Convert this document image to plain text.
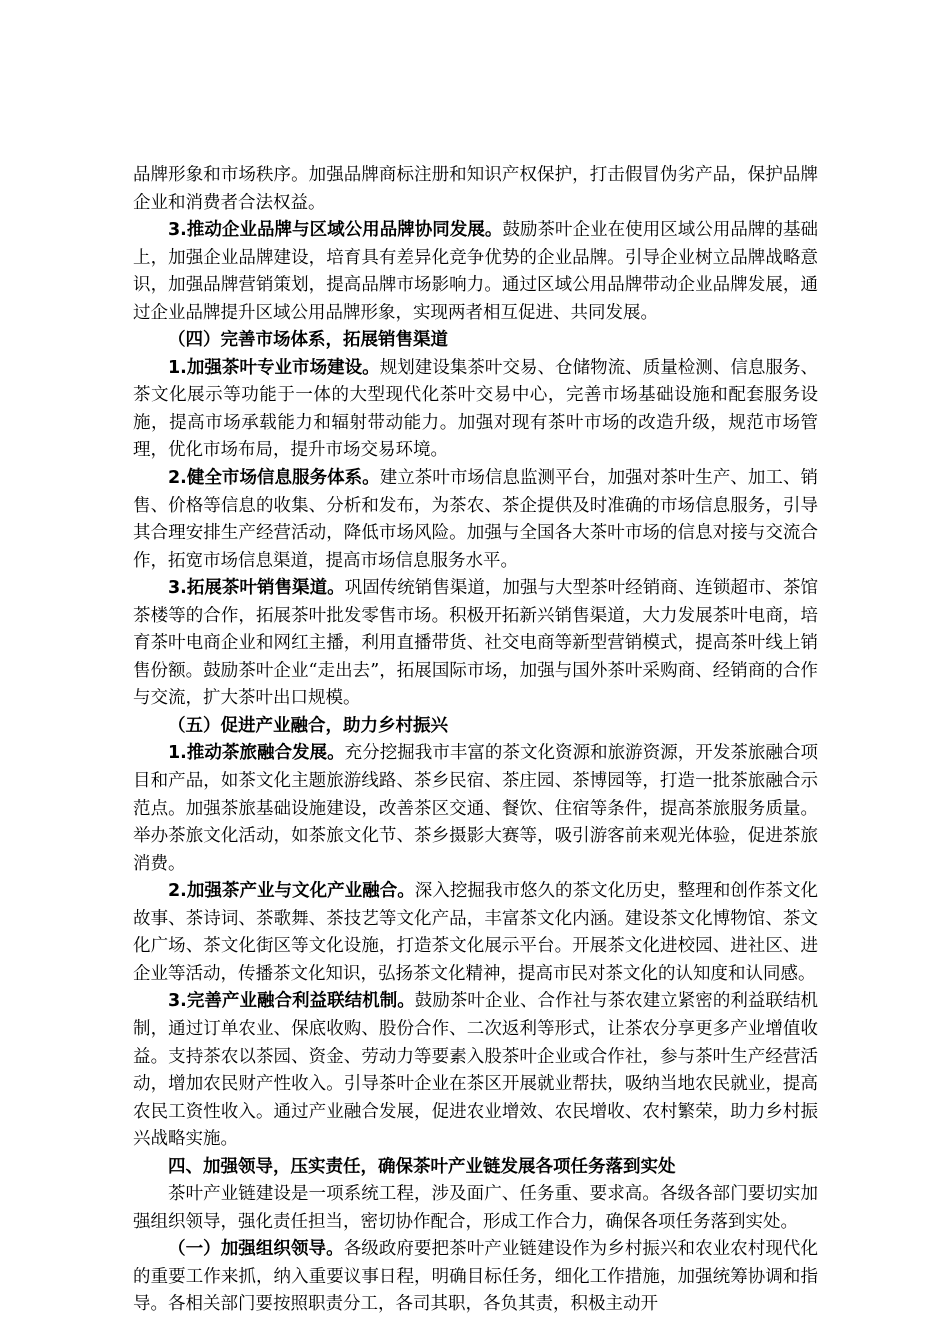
品牌形象和市场秩序。加强品牌商标注册和知识产权保护，打击假冒伪劣产品，保护品牌企业和消费者合法权益。

3.推动企业品牌与区域公用品牌协同发展。鼓励茶叶企业在使用区域公用品牌的基础上，加强企业品牌建设，培育具有差异化竞争优势的企业品牌。引导企业树立品牌战略意识，加强品牌营销策划，提高品牌市场影响力。通过区域公用品牌带动企业品牌发展，通过企业品牌提升区域公用品牌形象，实现两者相互促进、共同发展。

（四）完善市场体系，拓展销售渠道

1.加强茶叶专业市场建设。规划建设集茶叶交易、仓储物流、质量检测、信息服务、茶文化展示等功能于一体的大型现代化茶叶交易中心，完善市场基础设施和配套服务设施，提高市场承载能力和辐射带动能力。加强对现有茶叶市场的改造升级，规范市场管理，优化市场布局，提升市场交易环境。

2.健全市场信息服务体系。建立茶叶市场信息监测平台，加强对茶叶生产、加工、销售、价格等信息的收集、分析和发布，为茶农、茶企提供及时准确的市场信息服务，引导其合理安排生产经营活动，降低市场风险。加强与全国各大茶叶市场的信息对接与交流合作，拓宽市场信息渠道，提高市场信息服务水平。

3.拓展茶叶销售渠道。巩固传统销售渠道，加强与大型茶叶经销商、连锁超市、茶馆茶楼等的合作，拓展茶叶批发零售市场。积极开拓新兴销售渠道，大力发展茶叶电商，培育茶叶电商企业和网红主播，利用直播带货、社交电商等新型营销模式，提高茶叶线上销售份额。鼓励茶叶企业“走出去”，拓展国际市场，加强与国外茶叶采购商、经销商的合作与交流，扩大茶叶出口规模。

（五）促进产业融合，助力乡村振兴

1.推动茶旅融合发展。充分挖掘我市丰富的茶文化资源和旅游资源，开发茶旅融合项目和产品，如茶文化主题旅游线路、茶乡民宿、茶庄园、茶博园等，打造一批茶旅融合示范点。加强茶旅基础设施建设，改善茶区交通、餐饮、住宿等条件，提高茶旅服务质量。举办茶旅文化活动，如茶旅文化节、茶乡摄影大赛等，吸引游客前来观光体验，促进茶旅消费。

2.加强茶产业与文化产业融合。深入挖掘我市悠久的茶文化历史，整理和创作茶文化故事、茶诗词、茶歌舞、茶技艺等文化产品，丰富茶文化内涵。建设茶文化博物馆、茶文化广场、茶文化街区等文化设施，打造茶文化展示平台。开展茶文化进校园、进社区、进企业等活动，传播茶文化知识，弘扬茶文化精神，提高市民对茶文化的认知度和认同感。

3.完善产业融合利益联结机制。鼓励茶叶企业、合作社与茶农建立紧密的利益联结机制，通过订单农业、保底收购、股份合作、二次返利等形式，让茶农分享更多产业增值收益。支持茶农以茶园、资金、劳动力等要素入股茶叶企业或合作社，参与茶叶生产经营活动，增加农民财产性收入。引导茶叶企业在茶区开展就业帮扶，吸纳当地农民就业，提高农民工资性收入。通过产业融合发展，促进农业增效、农民增收、农村繁荣，助力乡村振兴战略实施。

四、加强领导，压实责任，确保茶叶产业链发展各项任务落到实处

茶叶产业链建设是一项系统工程，涉及面广、任务重、要求高。各级各部门要切实加强组织领导，强化责任担当，密切协作配合，形成工作合力，确保各项任务落到实处。

（一）加强组织领导。各级政府要把茶叶产业链建设作为乡村振兴和农业农村现代化的重要工作来抓，纳入重要议事日程，明确目标任务，细化工作措施，加强统筹协调和指导。各相关部门要按照职责分工，各司其职，各负其责，积极主动开
